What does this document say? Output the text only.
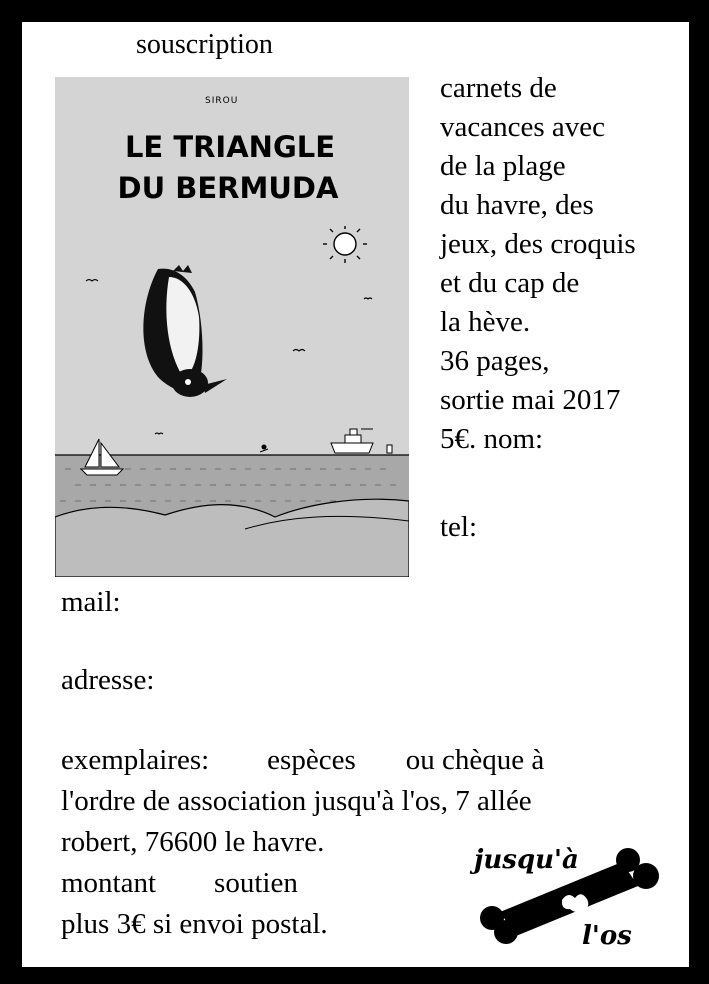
souscription
SIROU
LE TRIANGLE
DU BERMUDA
carnets de
vacances avec
de la plage
du havre, des
jeux, des croquis
et du cap de
la hève.
36 pages,
sortie mai 2017
5€. nom:
tel:
mail:
adresse:
exemplaires: espèces ou chèque à
l'ordre de association jusqu'à l'os, 7 allée
robert, 76600 le havre.
montant soutien
plus 3€ si envoi postal.
jusqu'à
l'os
